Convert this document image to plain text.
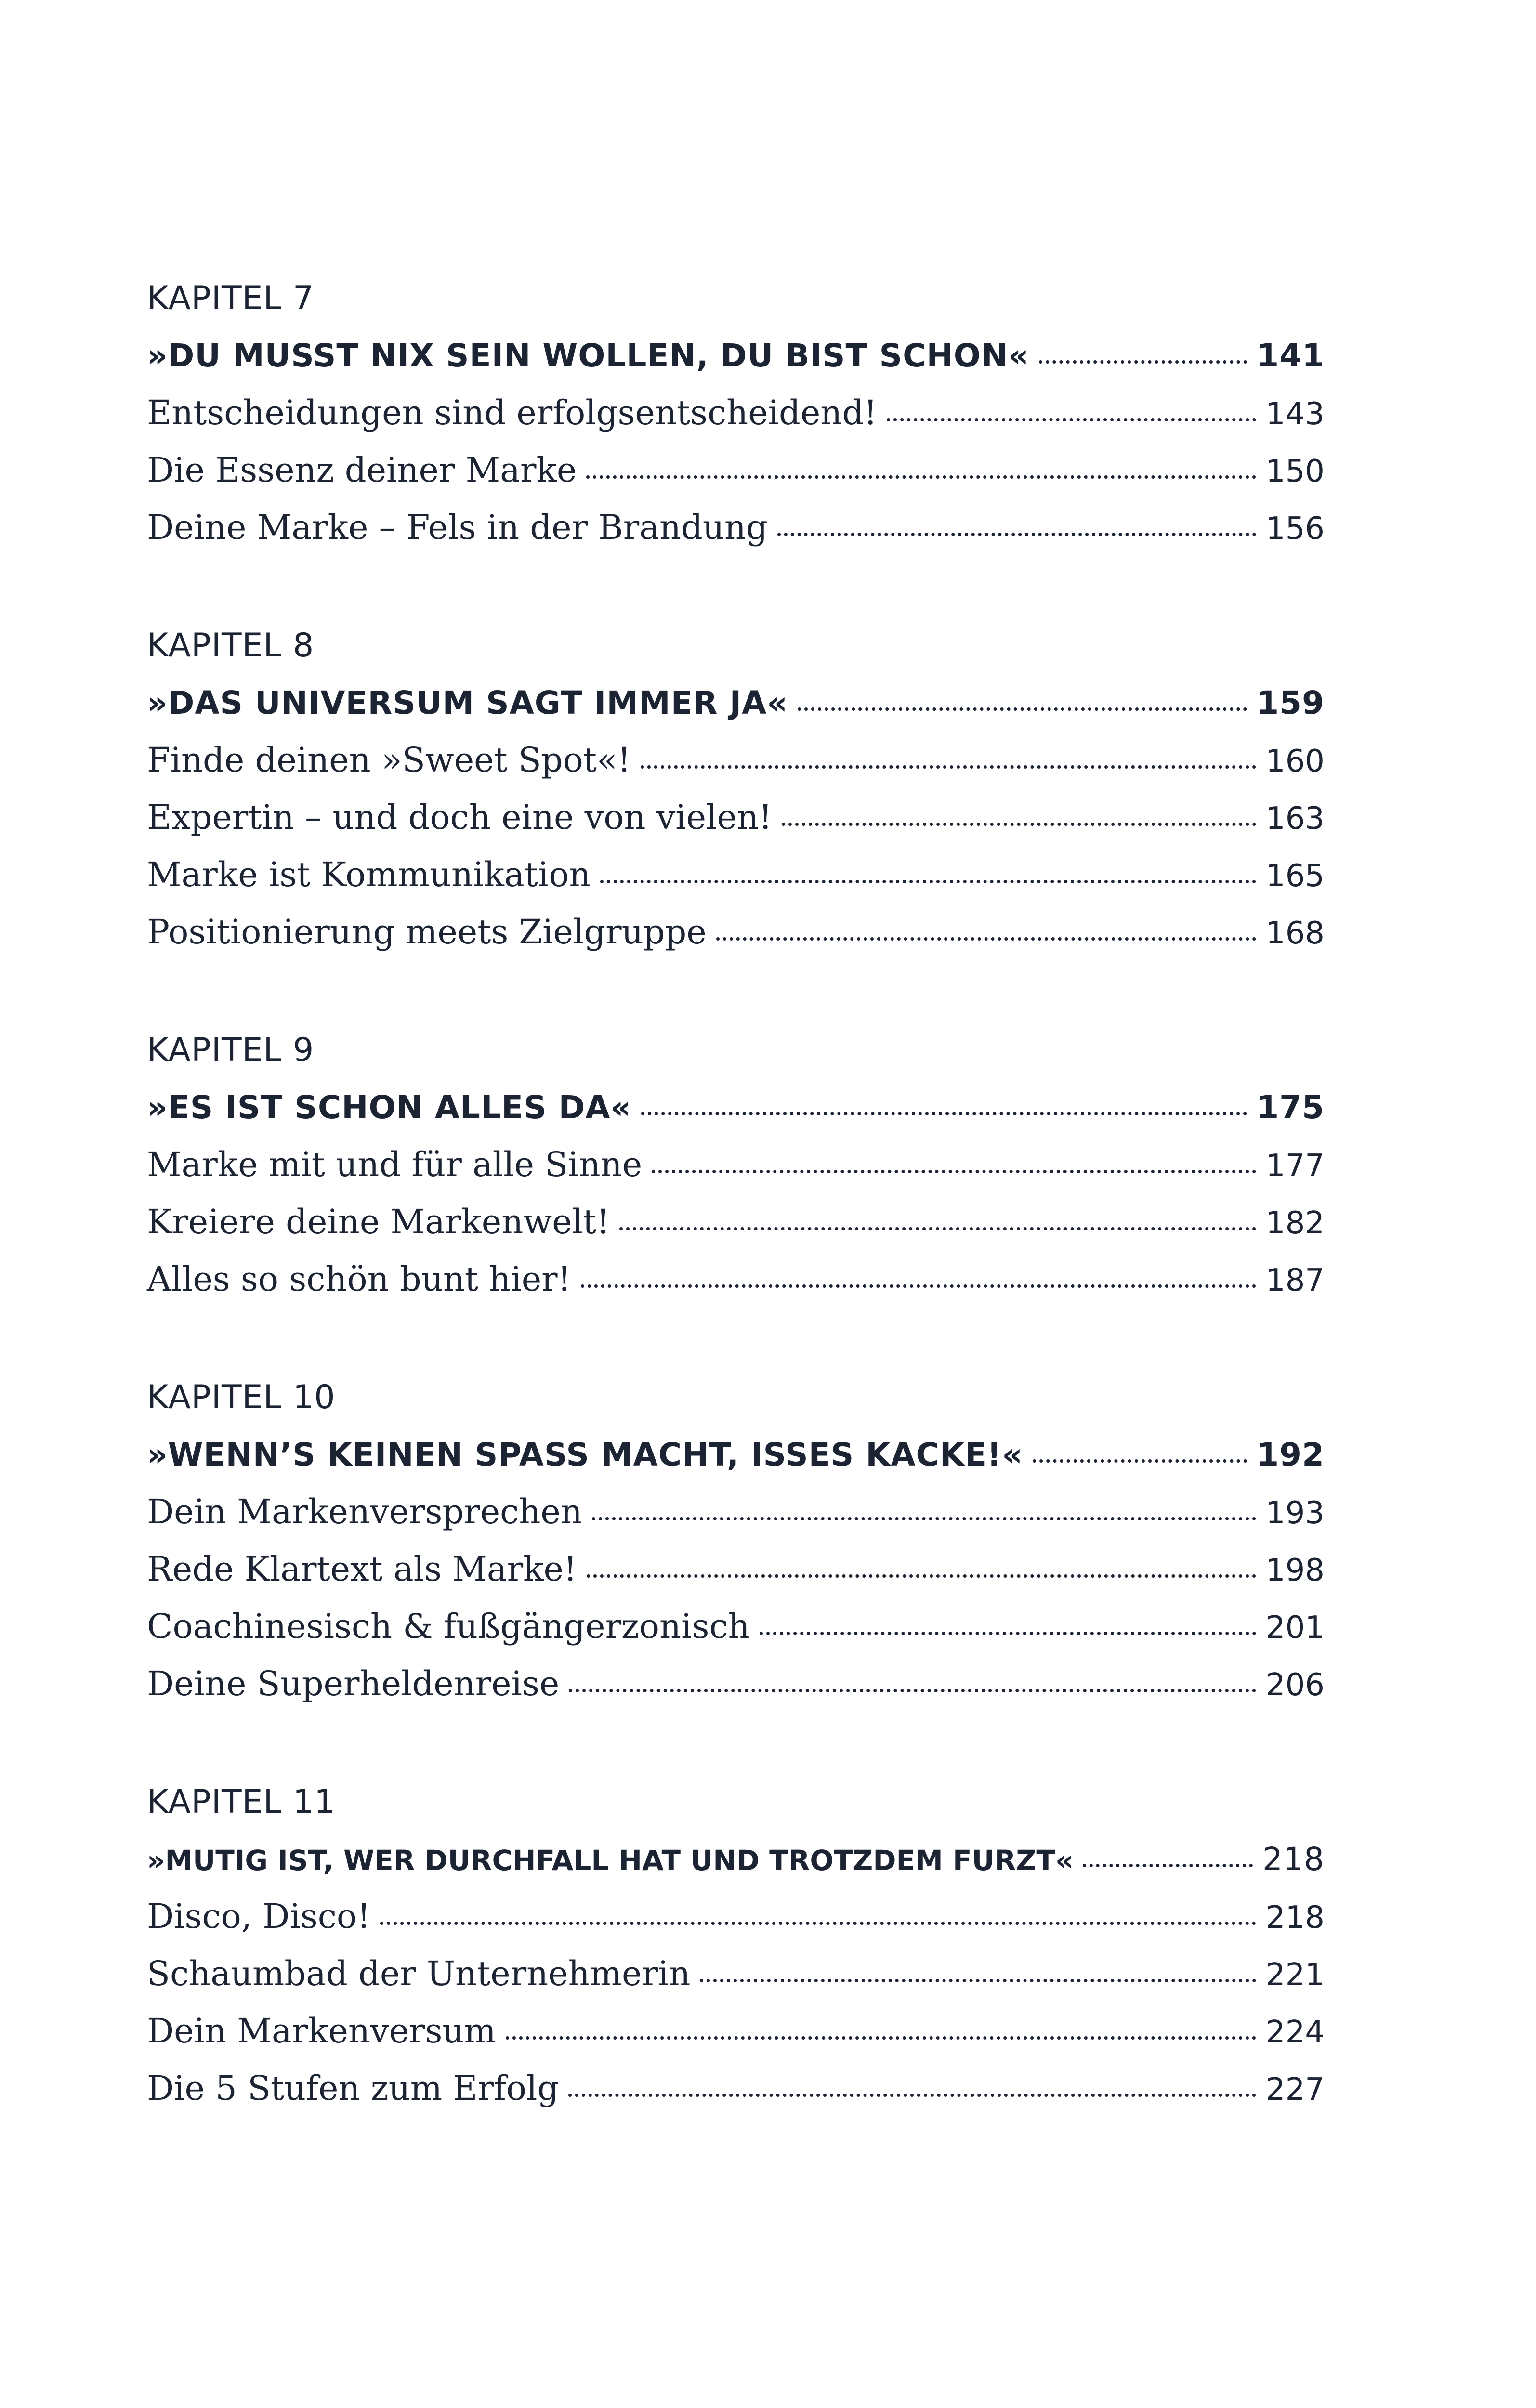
KAPITEL 7
»DU MUSST NIX SEIN WOLLEN, DU BIST SCHON«	141
Entscheidungen sind erfolgsentscheidend!	143
Die Essenz deiner Marke	150
Deine Marke – Fels in der Brandung	156
KAPITEL 8
»DAS UNIVERSUM SAGT IMMER JA«	159
Finde deinen »Sweet Spot«!	160
Expertin – und doch eine von vielen!	163
Marke ist Kommunikation	165
Positionierung meets Zielgruppe	168
KAPITEL 9
»ES IST SCHON ALLES DA«	175
Marke mit und für alle Sinne	177
Kreiere deine Markenwelt!	182
Alles so schön bunt hier!	187
KAPITEL 10
»WENN’S KEINEN SPASS MACHT, ISSES KACKE!«	192
Dein Markenversprechen	193
Rede Klartext als Marke!	198
Coachinesisch & fußgängerzonisch	201
Deine Superheldenreise	206
KAPITEL 11
»MUTIG IST, WER DURCHFALL HAT UND TROTZDEM FURZT«	218
Disco, Disco!	218
Schaumbad der Unternehmerin	221
Dein Markenversum	224
Die 5 Stufen zum Erfolg	227
